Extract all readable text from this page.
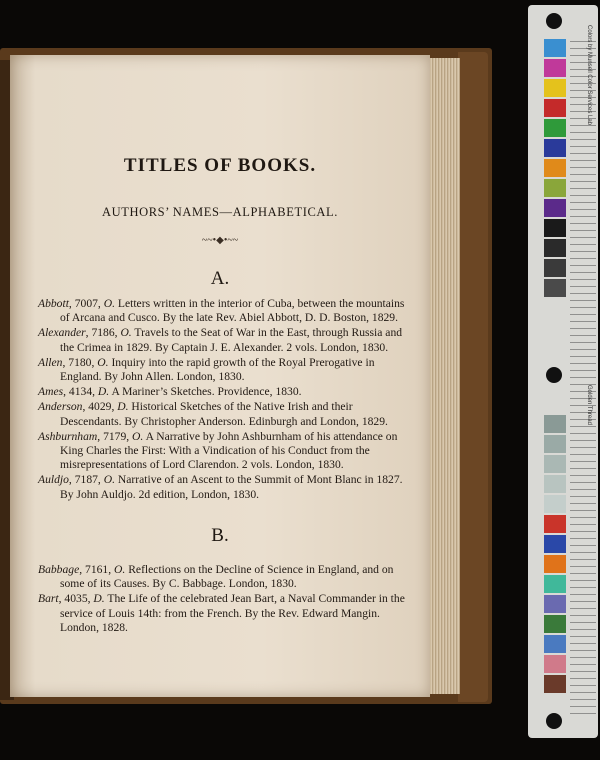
TITLES OF BOOKS.
AUTHORS’ NAMES—ALPHABETICAL.
~~•◆•~~
A.

Abbott, 7007, O. Letters written in the interior of Cuba, between the mountains of Arcana and Cusco. By the late Rev. Abiel Abbott, D. D. Boston, 1829.

Alexander, 7186, O. Travels to the Seat of War in the East, through Russia and the Crimea in 1829. By Captain J. E. Alexander. 2 vols. London, 1830.

Allen, 7180, O. Inquiry into the rapid growth of the Royal Prerogative in England. By John Allen. London, 1830.

Ames, 4134, D. A Mariner’s Sketches. Providence, 1830.

Anderson, 4029, D. Historical Sketches of the Native Irish and their Descendants. By Christopher Anderson. Edinburgh and London, 1829.

Ashburnham, 7179, O. A Narrative by John Ashburnham of his attendance on King Charles the First: With a Vindication of his Conduct from the misrepresentations of Lord Clarendon. 2 vols. London, 1830.

Auldjo, 7187, O. Narrative of an Ascent to the Summit of Mont Blanc in 1827. By John Auldjo. 2d edition, London, 1830.

B.

Babbage, 7161, O. Reflections on the Decline of Science in England, and on some of its Causes. By C. Babbage. London, 1830.

Bart, 4035, D. The Life of the celebrated Jean Bart, a Naval Commander in the service of Louis 14th: from the French. By the Rev. Edward Mangin. London, 1828.

Golden Thread
Colors by Munsell Color Services Lab
